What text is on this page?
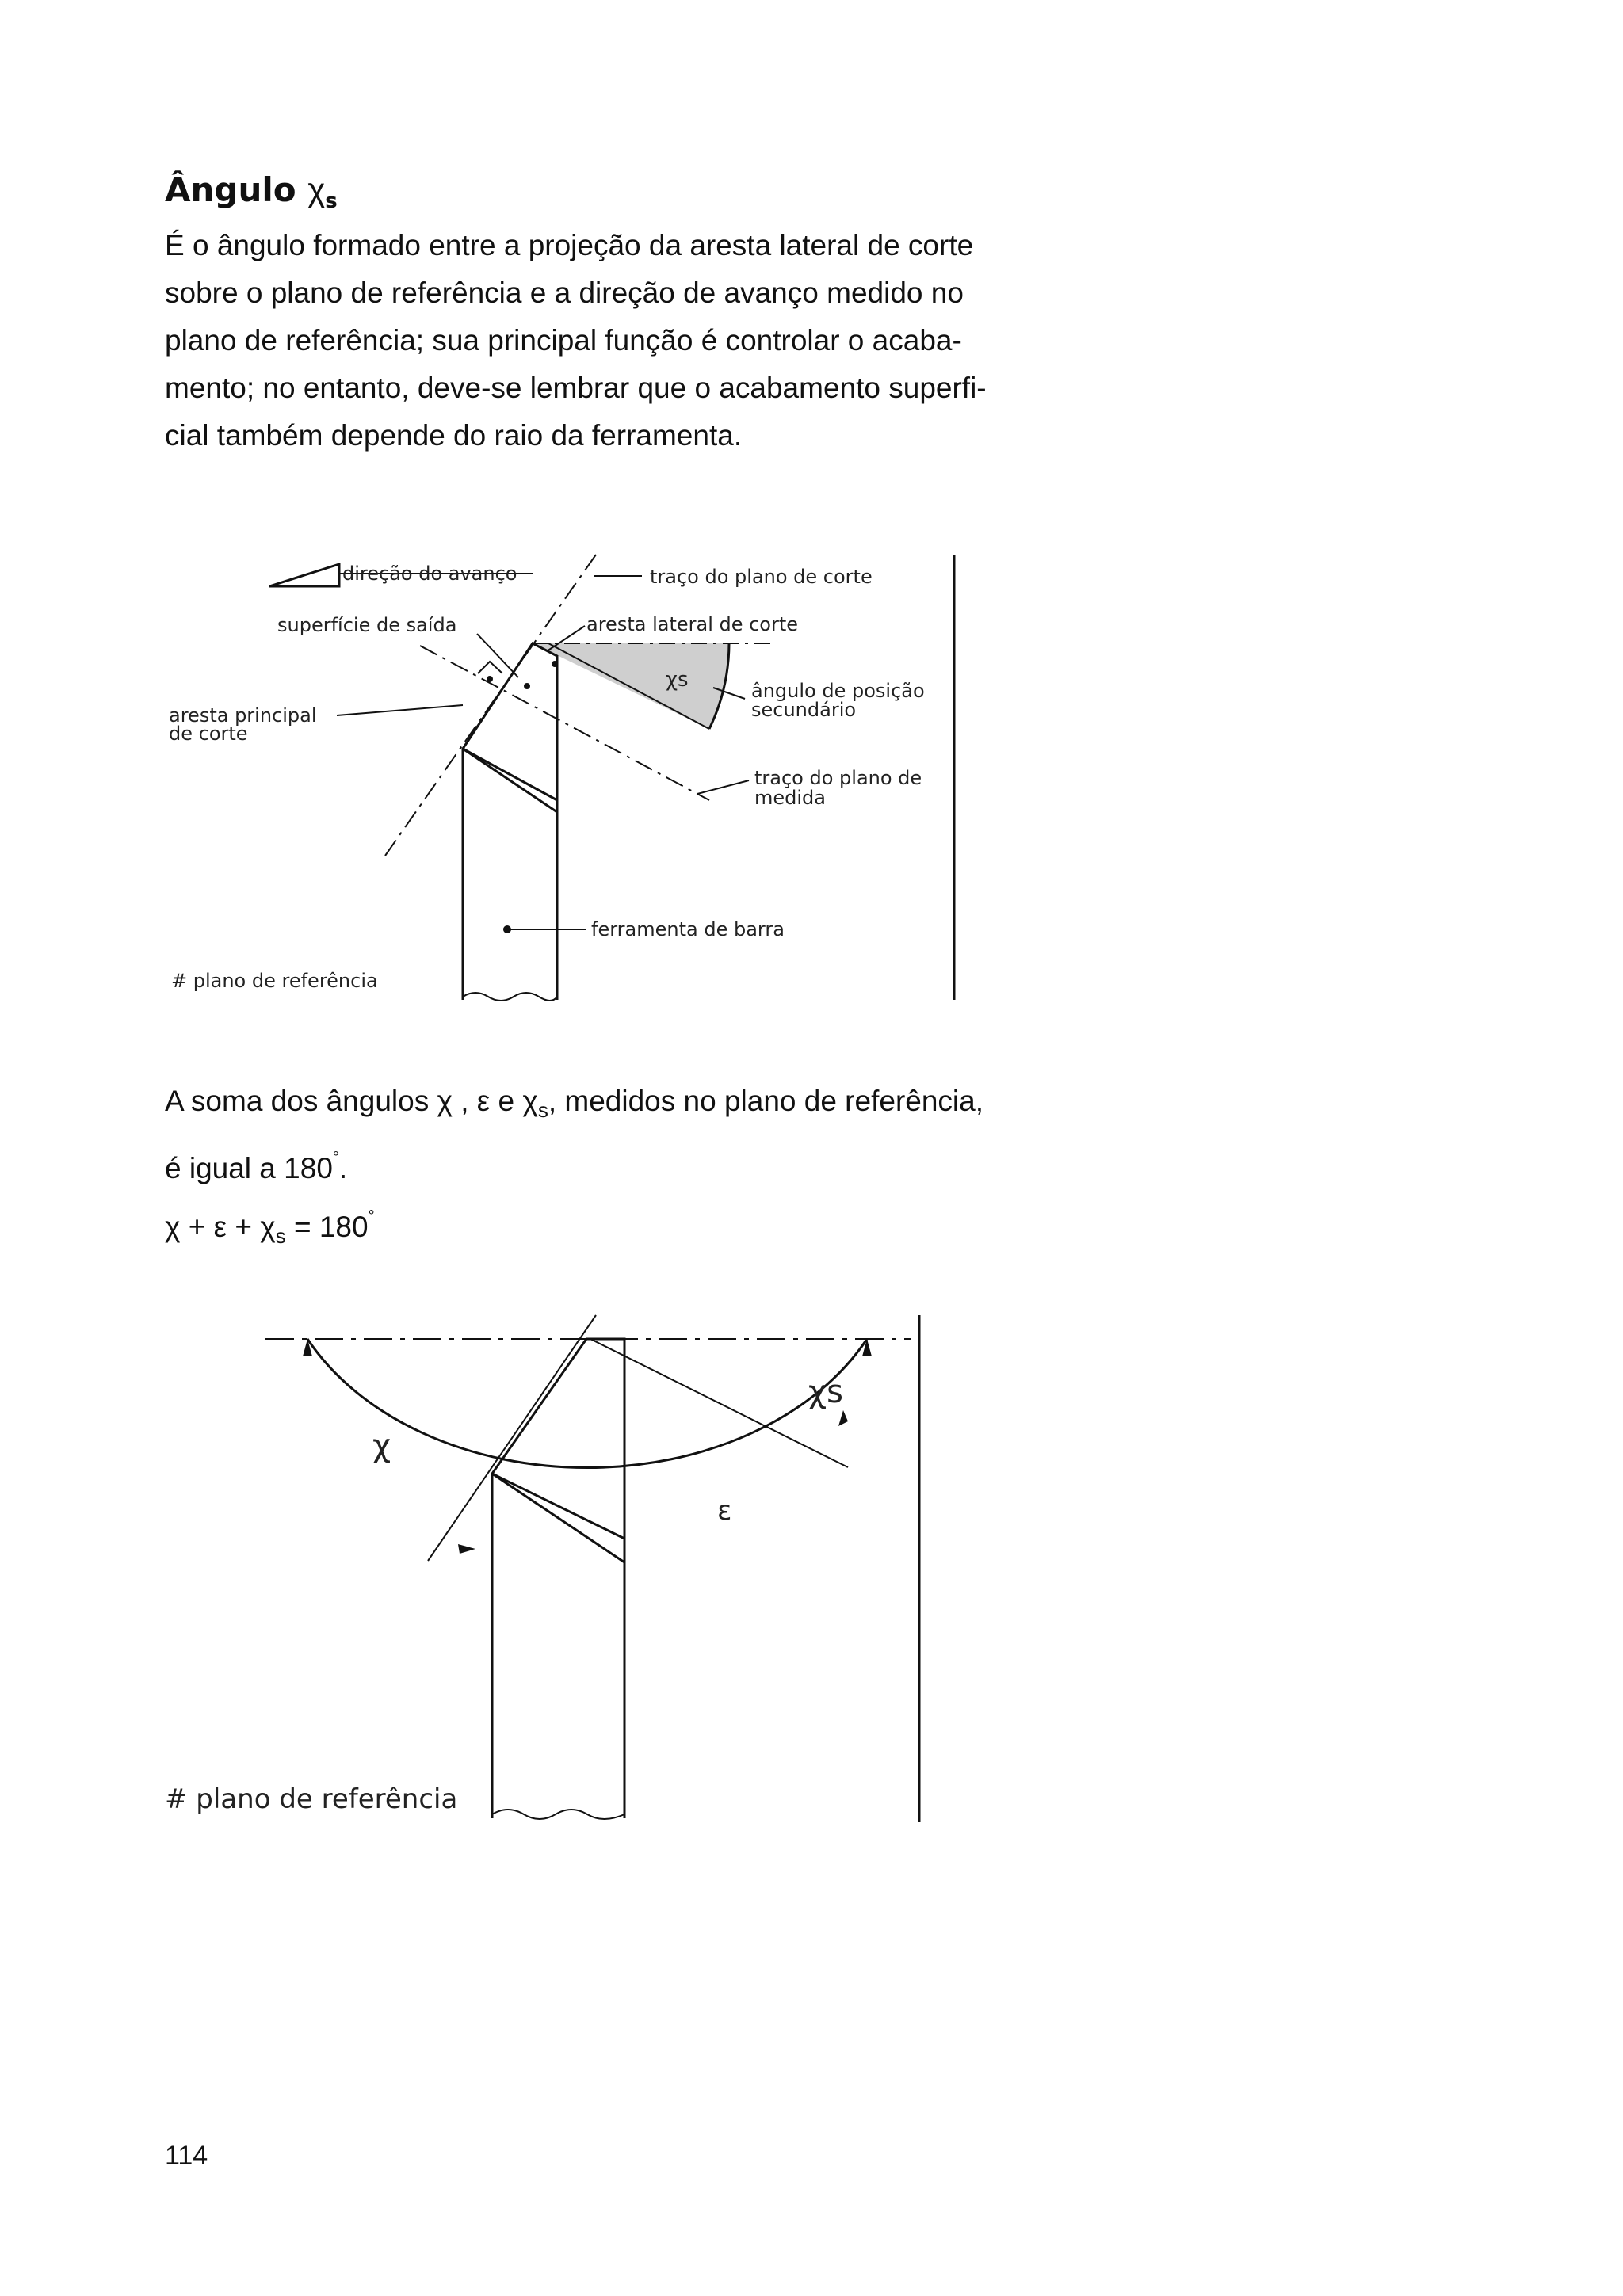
Ângulo $\chi_s$

É o ângulo formado entre a projeção da aresta lateral de corte
sobre o plano de referência e a direção de avanço medido no
plano de referência; sua principal função é controlar o acaba-
mento; no entanto, deve-se lembrar que o acabamento superfi-
cial também depende do raio da ferramenta.

direção do avanço	traço do plano de corte
superfície de saída	aresta lateral de corte
χs	ângulo de posição
secundário
aresta principal
de corte
traço do plano de
medida
ferramenta de barra
# plano de referência

A soma dos ângulos χ , ε e $\chi_s$, medidos no plano de referência,
é igual a 180°.
$\chi + \varepsilon + \chi_s = 180^\circ$

χ
χs
ε
# plano de referência
114
